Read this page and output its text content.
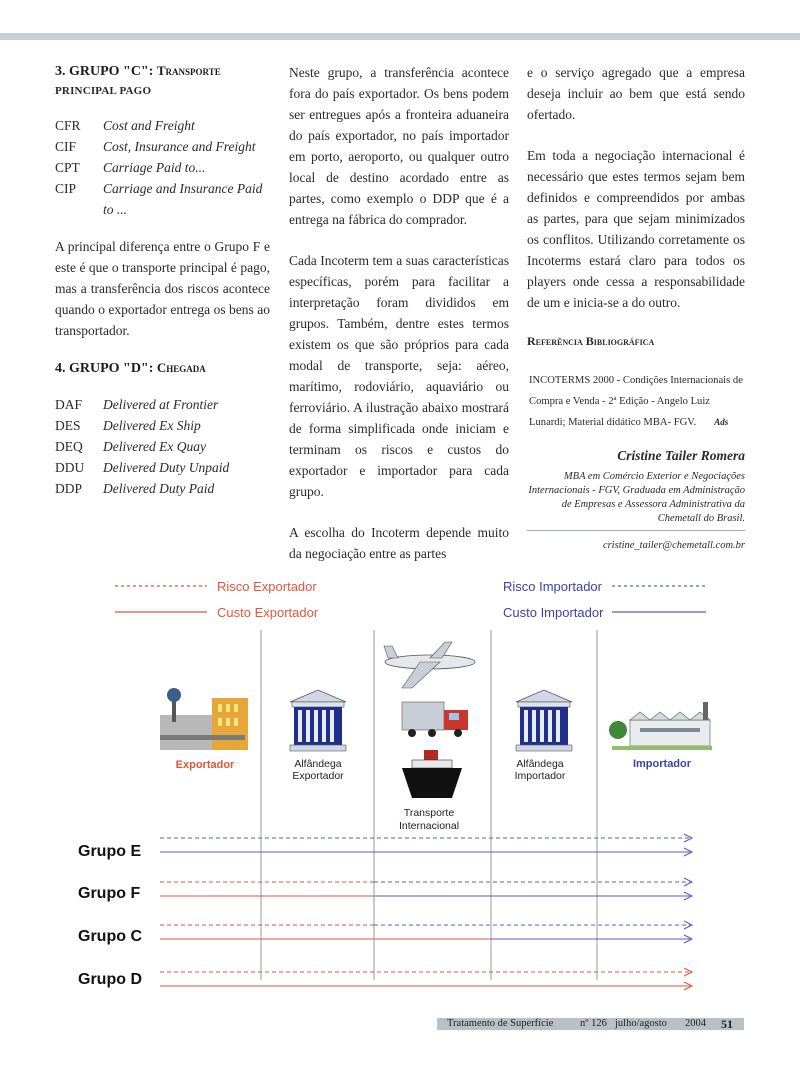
3. GRUPO "C": Transporte
PRINCIPAL PAGO
CFR	Cost and Freight
CIF	Cost, Insurance and Freight
CPT	Carriage Paid to...
CIP	Carriage and Insurance Paid to ...

A principal diferença entre o Grupo F e este é que o transporte principal é pago, mas a transferência dos riscos acontece quando o exportador entrega os bens ao transportador.

4. GRUPO "D": Chegada
DAF	Delivered at Frontier
DES	Delivered Ex Ship
DEQ	Delivered Ex Quay
DDU	Delivered Duty Unpaid
DDP	Delivered Duty Paid

Neste grupo, a transferência acontece fora do país exportador. Os bens podem ser entregues após a fronteira aduaneira do país exportador, no país importador em porto, aeroporto, ou qualquer outro local de destino acordado entre as partes, como exemplo o DDP que é a entrega na fábrica do comprador.

Cada Incoterm tem a suas características específicas, porém para facilitar a interpretação foram divididos em grupos. Também, dentre estes termos existem os que são próprios para cada modal de transporte, seja: aéreo, marítimo, rodoviário, aquaviário ou ferroviário. A ilustração abaixo mostrará de forma simplificada onde iniciam e terminam os riscos e custos do exportador e importador para cada grupo.

A escolha do Incoterm depende muito da negociação entre as partes

e o serviço agregado que a empresa deseja incluir ao bem que está sendo ofertado.

Em toda a negociação internacional é necessário que estes termos sejam bem definidos e compreendidos por ambas as partes, para que sejam minimizados os conflitos. Utilizando corretamente os Incoterms estará claro para todos os players onde cessa a responsabilidade de um e inicia-se a do outro.

Referência Bibliográfica
INCOTERMS 2000 - Condições Internacionais de Compra e Venda - 2ª Edição - Angelo Luiz Lunardi; Material didático MBA- FGV. Ads
Cristine Tailer Romera
MBA em Comércio Exterior e Negociações Internacionais - FGV, Graduada em Administração de Empresas e Assessora Administrativa da Chemetall do Brasil.
cristine_tailer@chemetall.com.br
Risco Exportador
Custo Exportador
Risco Importador
Custo Importador
Exportador	Alfândega
Exportador
Transporte
Internacional
Alfândega
Importador
Importador
Grupo E
Grupo F
Grupo C
Grupo D
Tratamento de Superfície	nº 126 julho/agosto 2004 51
